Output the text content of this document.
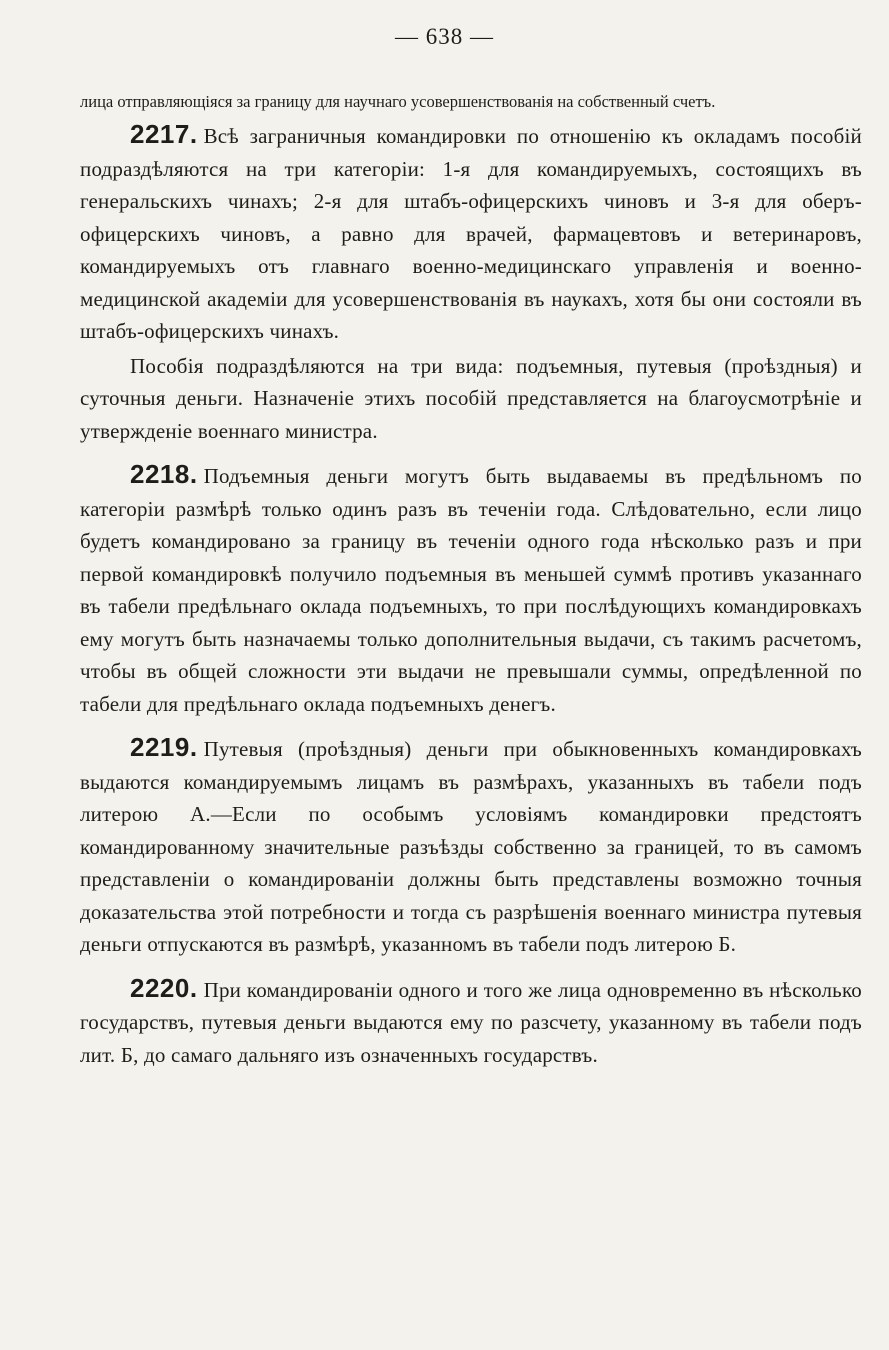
— 638 —

лица отправляющіяся за границу для научнаго усовершенствованія на собственный счетъ.

2217. Всѣ заграничныя командировки по отношенію къ окладамъ пособій подраздѣляются на три категоріи: 1-я для командируемыхъ, состоящихъ въ генеральскихъ чинахъ; 2-я для штабъ-офицерскихъ чиновъ и 3-я для оберъ-офицерскихъ чиновъ, а равно для врачей, фармацевтовъ и ветеринаровъ, командируемыхъ отъ главнаго военно-медицинскаго управленія и военно-медицинской академіи для усовершенствованія въ наукахъ, хотя бы они состояли въ штабъ-офицерскихъ чинахъ.

Пособія подраздѣляются на три вида: подъемныя, путевыя (проѣздныя) и суточныя деньги. Назначеніе этихъ пособій представляется на благоусмотрѣніе и утвержденіе военнаго министра.

2218. Подъемныя деньги могутъ быть выдаваемы въ предѣльномъ по категоріи размѣрѣ только одинъ разъ въ теченіи года. Слѣдовательно, если лицо будетъ командировано за границу въ теченіи одного года нѣсколько разъ и при первой командировкѣ получило подъемныя въ меньшей суммѣ противъ указаннаго въ табели предѣльнаго оклада подъемныхъ, то при послѣдующихъ командировкахъ ему могутъ быть назначаемы только дополнительныя выдачи, съ такимъ расчетомъ, чтобы въ общей сложности эти выдачи не превышали суммы, опредѣленной по табели для предѣльнаго оклада подъемныхъ денегъ.

2219. Путевыя (проѣздныя) деньги при обыкновенныхъ командировкахъ выдаются командируемымъ лицамъ въ размѣрахъ, указанныхъ въ табели подъ литерою А.—Если по особымъ условіямъ командировки предстоятъ командированному значительные разъѣзды собственно за границей, то въ самомъ представленіи о командированіи должны быть представлены возможно точныя доказательства этой потребности и тогда съ разрѣшенія военнаго министра путевыя деньги отпускаются въ размѣрѣ, указанномъ въ табели подъ литерою Б.

2220. При командированіи одного и того же лица одновременно въ нѣсколько государствъ, путевыя деньги выдаются ему по разсчету, указанному въ табели подъ лит. Б, до самаго дальняго изъ означенныхъ государствъ.
